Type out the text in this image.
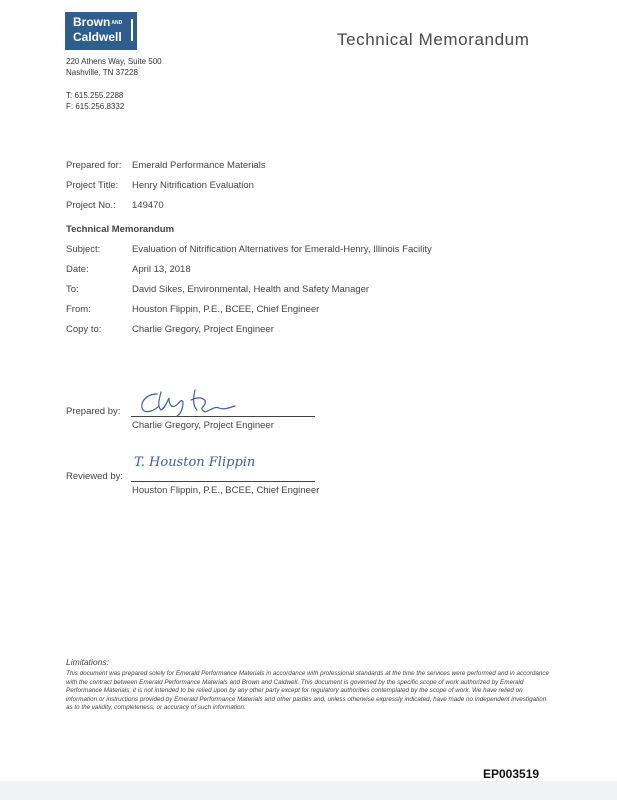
BrownAND
Caldwell	Technical Memorandum
220 Athens Way, Suite 500
Nashville, TN 37228
T: 615.255.2288
F: 615.256.8332
Prepared for: Emerald Performance Materials
Project Title: Henry Nitrification Evaluation
Project No.: 149470
Technical Memorandum
Subject:	Evaluation of Nitrification Alternatives for Emerald-Henry, Illinois Facility
Date:	April 13, 2018
To:	David Sikes, Environmental, Health and Safety Manager
From:	Houston Flippin, P.E., BCEE, Chief Engineer
Copy to:	Charlie Gregory, Project Engineer
Prepared by:
Charlie Gregory, Project Engineer
Reviewed by:
T. Houston Flippin
Houston Flippin, P.E., BCEE, Chief Engineer
Limitations:
This document was prepared solely for Emerald Performance Materials in accordance with professional standards at the time the services were performed and in accordance with the contract between Emerald Performance Materials and Brown and Caldwell. This document is governed by the specific scope of work authorized by Emerald Performance Materials; it is not intended to be relied upon by any other party except for regulatory authorities contemplated by the scope of work. We have relied on information or instructions provided by Emerald Performance Materials and other parties and, unless otherwise expressly indicated, have made no independent investigation as to the validity, completeness, or accuracy of such information.
EP003519
